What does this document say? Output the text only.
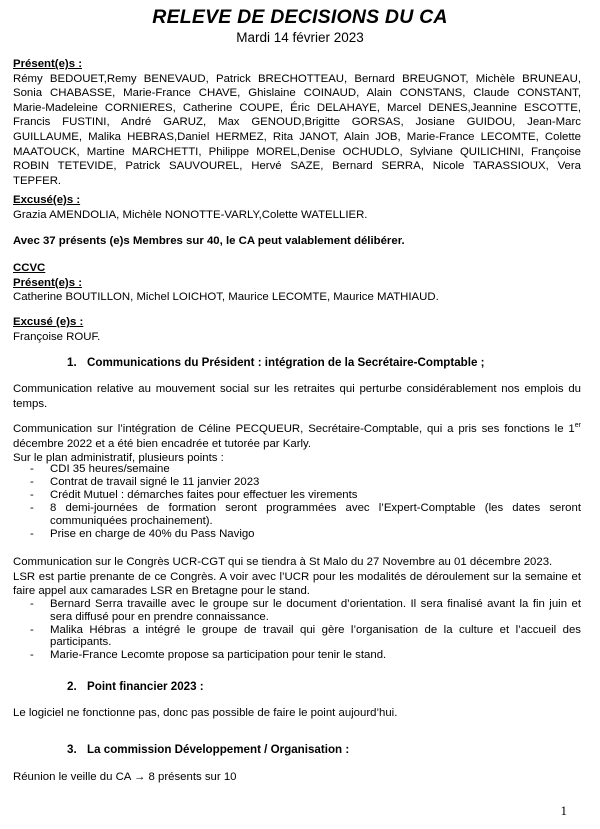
RELEVE DE DECISIONS DU CA
Mardi 14 février 2023
Présent(e)s :
Rémy BEDOUET,Remy BENEVAUD, Patrick BRECHOTTEAU, Bernard BREUGNOT, Michèle BRUNEAU,
Sonia CHABASSE, Marie-France CHAVE, Ghislaine COINAUD, Alain CONSTANS, Claude CONSTANT,
Marie-Madeleine CORNIERES, Catherine COUPE, Éric DELAHAYE, Marcel DENES,Jeannine ESCOTTE,
Francis FUSTINI, André GARUZ, Max GENOUD,Brigitte GORSAS, Josiane GUIDOU, Jean-Marc
GUILLAUME, Malika HEBRAS,Daniel HERMEZ, Rita JANOT, Alain JOB, Marie-France LECOMTE, Colette
MAATOUCK, Martine MARCHETTI, Philippe MOREL,Denise OCHUDLO, Sylviane QUILICHINI, Françoise
ROBIN TETEVIDE, Patrick SAUVOUREL, Hervé SAZE, Bernard SERRA, Nicole TARASSIOUX, Vera
TEPFER.
Excusé(e)s :
Grazia AMENDOLIA, Michèle NONOTTE-VARLY,Colette WATELLIER.
Avec 37 présents (e)s Membres sur 40, le CA peut valablement délibérer.
CCVC
Présent(e)s :
Catherine BOUTILLON, Michel LOICHOT, Maurice LECOMTE, Maurice MATHIAUD.
Excusé (e)s :
Françoise ROUF.
1. Communications du Président : intégration de la Secrétaire-Comptable ;
Communication relative au mouvement social sur les retraites qui perturbe considérablement nos emplois du temps.
Communication sur l’intégration de Céline PECQUEUR, Secrétaire-Comptable, qui a pris ses fonctions le 1er
décembre 2022 et a été bien encadrée et tutorée par Karly.
Sur le plan administratif, plusieurs points :
- CDI 35 heures/semaine
- Contrat de travail signé le 11 janvier 2023
- Crédit Mutuel : démarches faites pour effectuer les virements
- 8 demi-journées de formation seront programmées avec l’Expert-Comptable (les dates seront communiquées prochainement).
- Prise en charge de 40% du Pass Navigo
Communication sur le Congrès UCR-CGT qui se tiendra à St Malo du 27 Novembre au 01 décembre 2023.
LSR est partie prenante de ce Congrès. A voir avec l’UCR pour les modalités de déroulement sur la semaine et faire appel aux camarades LSR en Bretagne pour le stand.
- Bernard Serra travaille avec le groupe sur le document d’orientation. Il sera finalisé avant la fin juin et sera diffusé pour en prendre connaissance.
- Malika Hébras a intégré le groupe de travail qui gère l’organisation de la culture et l’accueil des participants.
- Marie-France Lecomte propose sa participation pour tenir le stand.
2. Point financier 2023 :
Le logiciel ne fonctionne pas, donc pas possible de faire le point aujourd’hui.
3. La commission Développement / Organisation :
Réunion le veille du CA → 8 présents sur 10
1
